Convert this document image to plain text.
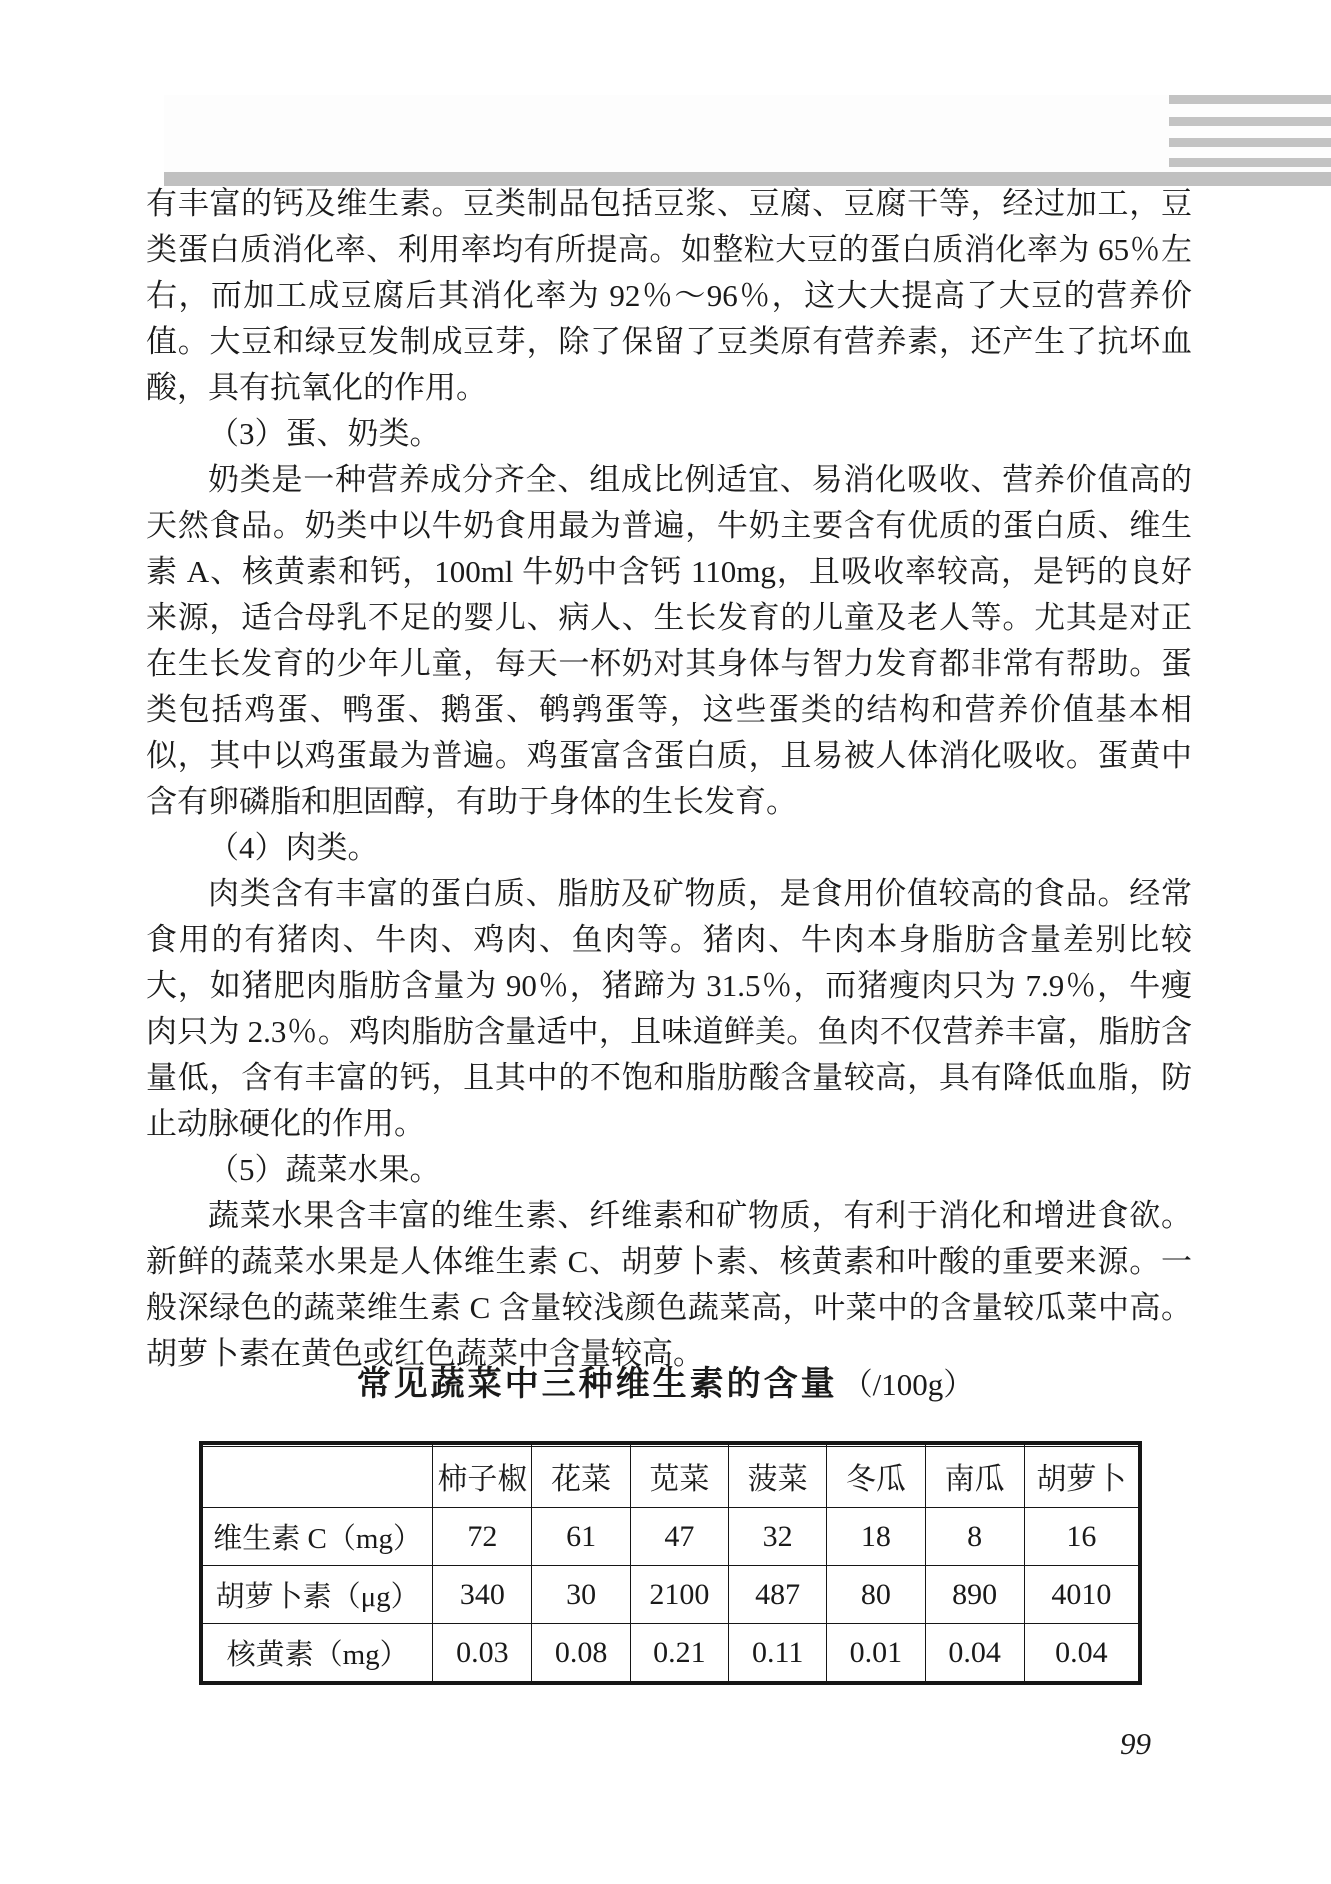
有丰富的钙及维生素。豆类制品包括豆浆、豆腐、豆腐干等，经过加工，豆类蛋白质消化率、利用率均有所提高。如整粒大豆的蛋白质消化率为 65％左右，而加工成豆腐后其消化率为 92％～96％，这大大提高了大豆的营养价值。大豆和绿豆发制成豆芽，除了保留了豆类原有营养素，还产生了抗坏血酸，具有抗氧化的作用。

（3）蛋、奶类。

奶类是一种营养成分齐全、组成比例适宜、易消化吸收、营养价值高的天然食品。奶类中以牛奶食用最为普遍，牛奶主要含有优质的蛋白质、维生素 A、核黄素和钙，100ml 牛奶中含钙 110mg，且吸收率较高，是钙的良好来源，适合母乳不足的婴儿、病人、生长发育的儿童及老人等。尤其是对正在生长发育的少年儿童，每天一杯奶对其身体与智力发育都非常有帮助。蛋类包括鸡蛋、鸭蛋、鹅蛋、鹌鹑蛋等，这些蛋类的结构和营养价值基本相似，其中以鸡蛋最为普遍。鸡蛋富含蛋白质，且易被人体消化吸收。蛋黄中含有卵磷脂和胆固醇，有助于身体的生长发育。

（4）肉类。

肉类含有丰富的蛋白质、脂肪及矿物质，是食用价值较高的食品。经常食用的有猪肉、牛肉、鸡肉、鱼肉等。猪肉、牛肉本身脂肪含量差别比较大，如猪肥肉脂肪含量为 90％，猪蹄为 31.5％，而猪瘦肉只为 7.9％，牛瘦肉只为 2.3％。鸡肉脂肪含量适中，且味道鲜美。鱼肉不仅营养丰富，脂肪含量低，含有丰富的钙，且其中的不饱和脂肪酸含量较高，具有降低血脂，防止动脉硬化的作用。

（5）蔬菜水果。

蔬菜水果含丰富的维生素、纤维素和矿物质，有利于消化和增进食欲。新鲜的蔬菜水果是人体维生素 C、胡萝卜素、核黄素和叶酸的重要来源。一般深绿色的蔬菜维生素 C 含量较浅颜色蔬菜高，叶菜中的含量较瓜菜中高。胡萝卜素在黄色或红色蔬菜中含量较高。

常见蔬菜中三种维生素的含量 （/100g）
	柿子椒	花菜	苋菜	菠菜	冬瓜	南瓜	胡萝卜
维生素 C（mg）	72	61	47	32	18	8	16
胡萝卜素（μg）	340	30	2100	487	80	890	4010
核黄素（mg）	0.03	0.08	0.21	0.11	0.01	0.04	0.04
99
